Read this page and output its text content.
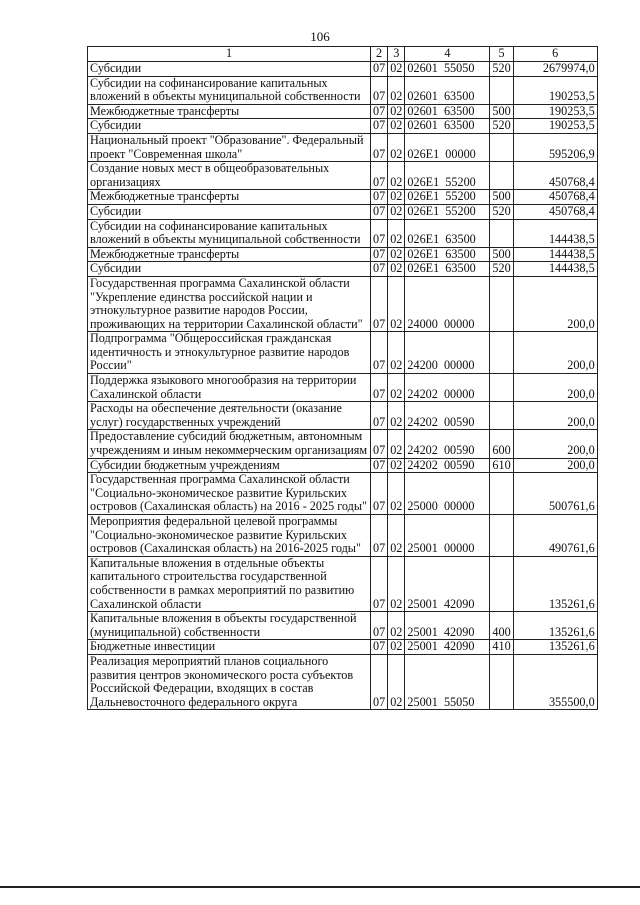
106
1	2	3	4	5	6
Субсидии	07	02	02601  55050	520	2679974,0
Субсидии на софинансирование капитальных вложений в объекты муниципальной собственности	07	02	02601  63500		190253,5
Межбюджетные трансферты	07	02	02601  63500	500	190253,5
Субсидии	07	02	02601  63500	520	190253,5
Национальный проект "Образование". Федеральный проект "Современная школа"	07	02	026Е1  00000		595206,9
Создание новых мест в общеобразовательных организациях	07	02	026Е1  55200		450768,4
Межбюджетные трансферты	07	02	026Е1  55200	500	450768,4
Субсидии	07	02	026Е1  55200	520	450768,4
Субсидии на софинансирование капитальных вложений в объекты муниципальной собственности	07	02	026Е1  63500		144438,5
Межбюджетные трансферты	07	02	026Е1  63500	500	144438,5
Субсидии	07	02	026Е1  63500	520	144438,5
Государственная программа Сахалинской области "Укрепление единства российской нации и этнокультурное развитие народов России, проживающих на территории Сахалинской области"	07	02	24000  00000		200,0
Подпрограмма "Общероссийская гражданская идентичность и этнокультурное развитие народов России"	07	02	24200  00000		200,0
Поддержка языкового многообразия на территории Сахалинской области	07	02	24202  00000		200,0
Расходы на обеспечение деятельности (оказание услуг) государственных учреждений	07	02	24202  00590		200,0
Предоставление субсидий бюджетным, автономным учреждениям и иным некоммерческим организациям	07	02	24202  00590	600	200,0
Субсидии бюджетным учреждениям	07	02	24202  00590	610	200,0
Государственная программа Сахалинской области "Социально-экономическое развитие Курильских островов (Сахалинская область) на 2016 - 2025 годы"	07	02	25000  00000		500761,6
Мероприятия федеральной целевой программы "Социально-экономическое развитие Курильских островов (Сахалинская область) на 2016-2025 годы"	07	02	25001  00000		490761,6
Капитальные вложения в отдельные объекты капитального строительства государственной собственности в рамках мероприятий по развитию Сахалинской области	07	02	25001  42090		135261,6
Капитальные вложения в объекты государственной (муниципальной) собственности	07	02	25001  42090	400	135261,6
Бюджетные инвестиции	07	02	25001  42090	410	135261,6
Реализация мероприятий планов социального развития центров экономического роста субъектов Российской Федерации, входящих в состав Дальневосточного федерального округа	07	02	25001  55050		355500,0
